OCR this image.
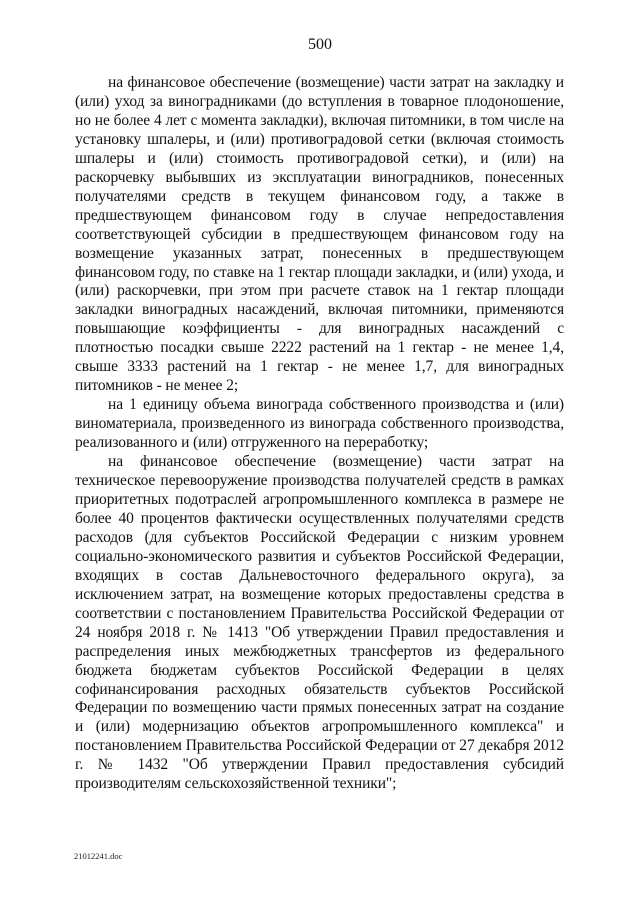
500

на финансовое обеспечение (возмещение) части затрат на закладку и (или) уход за виноградниками (до вступления в товарное плодоношение, но не более 4 лет с момента закладки), включая питомники, в том числе на установку шпалеры, и (или) противоградовой сетки (включая стоимость шпалеры и (или) стоимость противоградовой сетки), и (или) на раскорчевку выбывших из эксплуатации виноградников, понесенных получателями средств в текущем финансовом году, а также в предшествующем финансовом году в случае непредоставления соответствующей субсидии в предшествующем финансовом году на возмещение указанных затрат, понесенных в предшествующем финансовом году, по ставке на 1 гектар площади закладки, и (или) ухода, и (или) раскорчевки, при этом при расчете ставок на 1 гектар площади закладки виноградных насаждений, включая питомники, применяются повышающие коэффициенты - для виноградных насаждений с плотностью посадки свыше 2222 растений на 1 гектар - не менее 1,4, свыше 3333 растений на 1 гектар - не менее 1,7, для виноградных питомников - не менее 2;

на 1 единицу объема винограда собственного производства и (или) виноматериала, произведенного из винограда собственного производства, реализованного и (или) отгруженного на переработку;

на финансовое обеспечение (возмещение) части затрат на техническое перевооружение производства получателей средств в рамках приоритетных подотраслей агропромышленного комплекса в размере не более 40 процентов фактически осуществленных получателями средств расходов (для субъектов Российской Федерации с низким уровнем социально-экономического развития и субъектов Российской Федерации, входящих в состав Дальневосточного федерального округа), за исключением затрат, на возмещение которых предоставлены средства в соответствии с постановлением Правительства Российской Федерации от 24 ноября 2018 г. № 1413 "Об утверждении Правил предоставления и распределения иных межбюджетных трансфертов из федерального бюджета бюджетам субъектов Российской Федерации в целях софинансирования расходных обязательств субъектов Российской Федерации по возмещению части прямых понесенных затрат на создание и (или) модернизацию объектов агропромышленного комплекса" и постановлением Правительства Российской Федерации от 27 декабря 2012 г. № 1432 "Об утверждении Правил предоставления субсидий производителям сельскохозяйственной техники";

21012241.doc
